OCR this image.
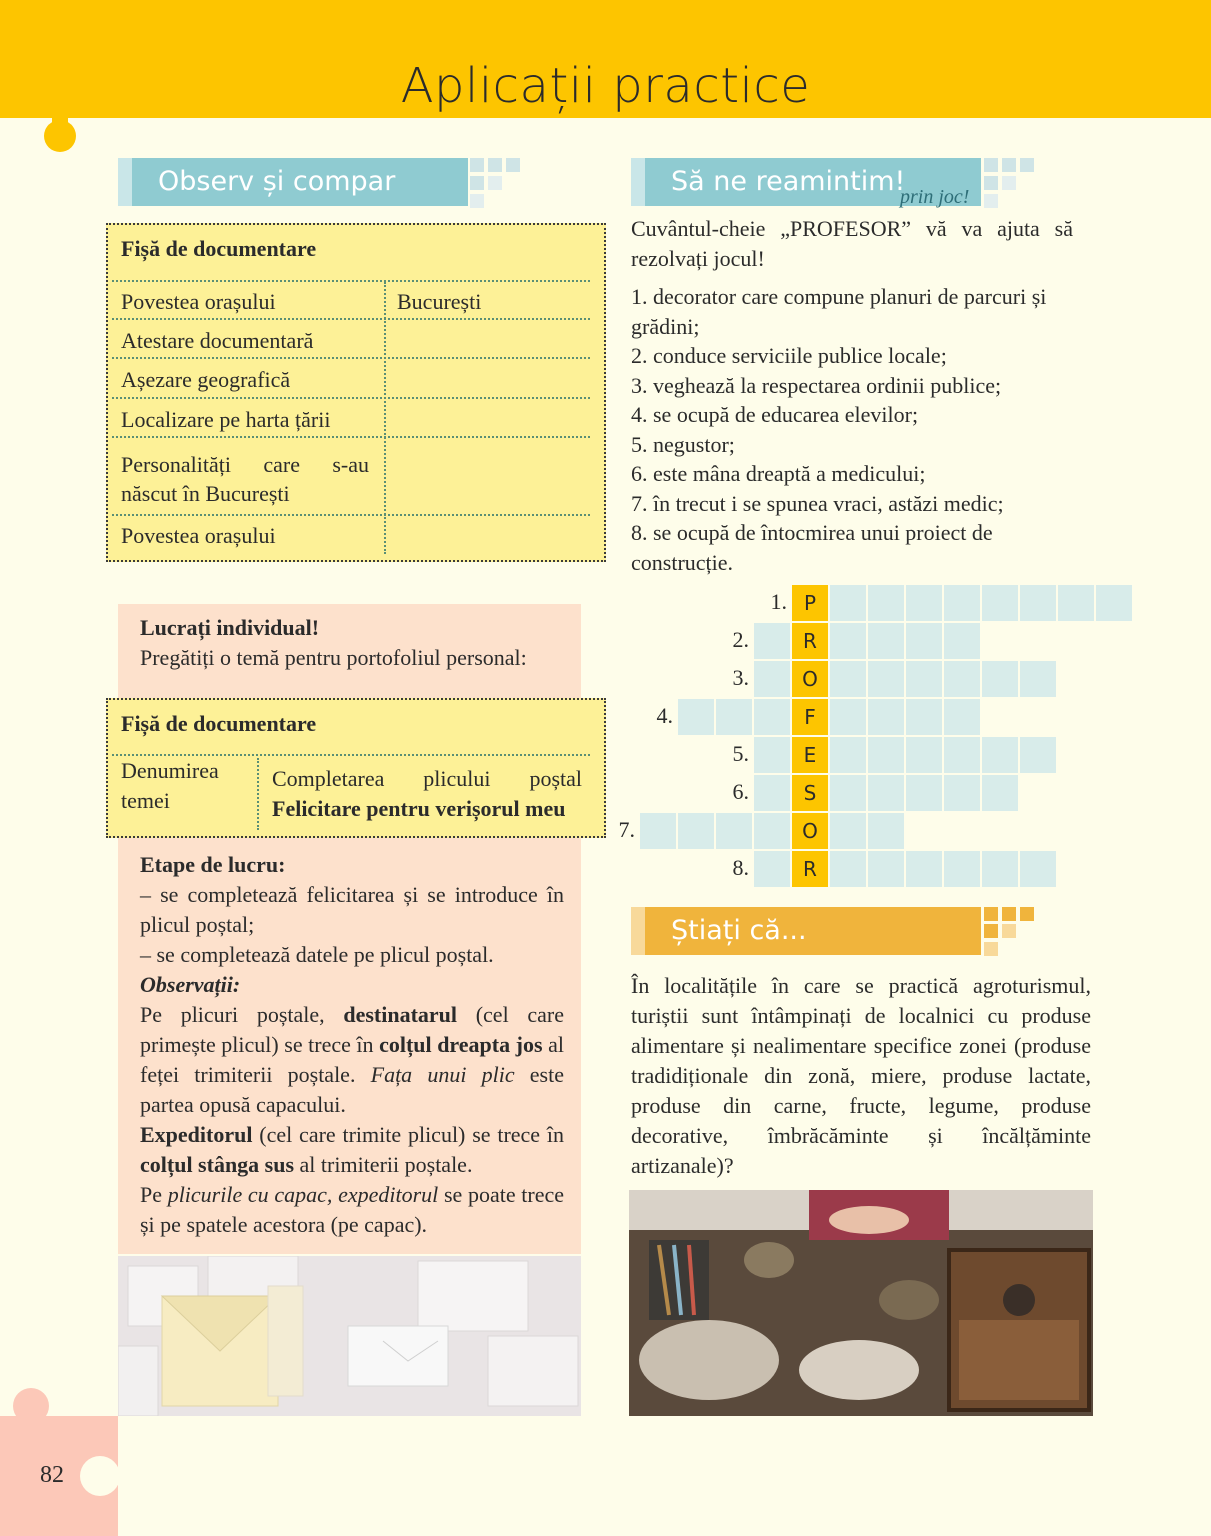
Aplicații practice
Observ și compar
Fișă de documentare
Povestea orașului	București
Atestare documentară
Așezare geografică
Localizare pe harta țării
Personalități care s-au
născut în București
Povestea orașului
Lucrați individual!
Pregătiți o temă pentru portofoliul personal:
Fișă de documentare
Denumirea
temei
Completarea plicului poștal
Felicitare pentru verișorul meu
Etape de lucru:
– se completează felicitarea și se introduce în
plicul poștal;
– se completează datele pe plicul poștal.
Observații:
Pe plicuri poștale, destinatarul (cel care primește plicul) se trece în colțul dreapta jos al feței trimiterii poștale. Fața unui plic este partea opusă capacului.
Expeditorul (cel care trimite plicul) se trece în colțul stânga sus al trimiterii poștale.
Pe plicurile cu capac, expeditorul se poate trece și pe spatele acestora (pe capac).
Să ne reamintim!
prin joc!
Cuvântul-cheie „PROFESOR” vă va ajuta să rezolvați jocul!
1. decorator care compune planuri de parcuri și grădini;
2. conduce serviciile publice locale;
3. veghează la respectarea ordinii publice;
4. se ocupă de educarea elevilor;
5. negustor;
6. este mâna dreaptă a medicului;
7. în trecut i se spunea vraci, astăzi medic;
8. se ocupă de întocmirea unui proiect de construcție.
P
1.
R
2.
O
3.
F
4.
E
5.
S
6.
O
7.
R
8.
Știați că...
În localitățile în care se practică agroturismul, turiștii sunt întâmpinați de localnici cu produse alimentare și nealimentare specifice zonei (produse tradidiționale din zonă, miere, produse lactate, produse din carne, fructe, legume, produse decorative, îmbrăcăminte și încălțăminte artizanale)?
82
